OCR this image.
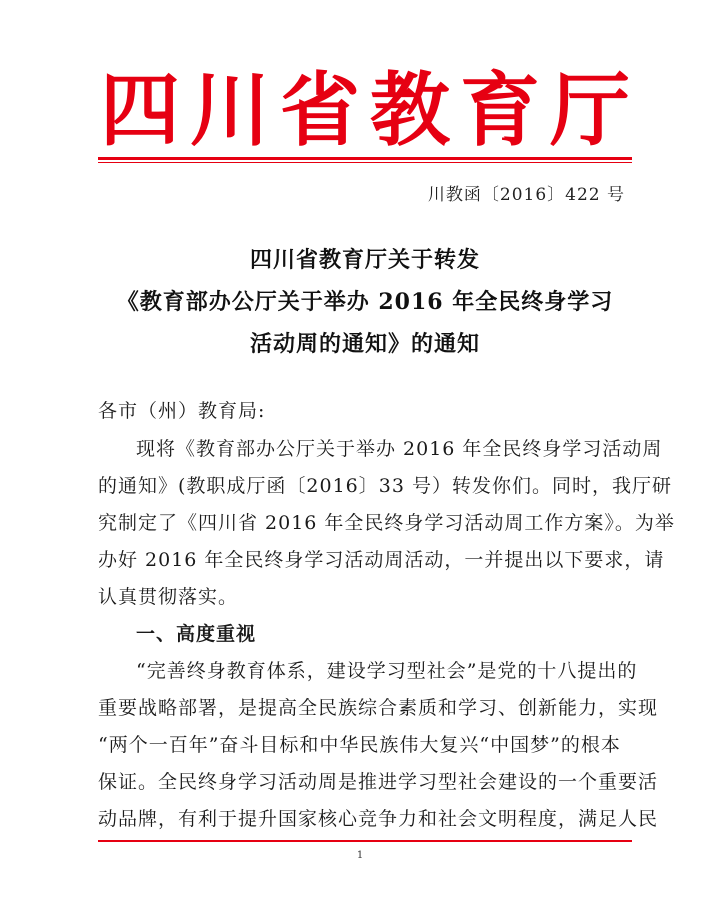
四 川 省 教 育 厅
川教函〔2016〕422 号
四川省教育厅关于转发
《教育部办公厅关于举办 2016 年全民终身学习
活动周的通知》的通知
各市（州）教育局:
现将《教育部办公厅关于举办 2016 年全民终身学习活动周
的通知》(教职成厅函〔2016〕33 号）转发你们。同时，我厅研
究制定了《四川省 2016 年全民终身学习活动周工作方案》。为举
办好 2016 年全民终身学习活动周活动，一并提出以下要求，请
认真贯彻落实。
一、高度重视
“完善终身教育体系，建设学习型社会”是党的十八提出的
重要战略部署，是提高全民族综合素质和学习、创新能力，实现
“两个一百年”奋斗目标和中华民族伟大复兴“中国梦”的根本
保证。全民终身学习活动周是推进学习型社会建设的一个重要活
动品牌，有利于提升国家核心竞争力和社会文明程度，满足人民
1
